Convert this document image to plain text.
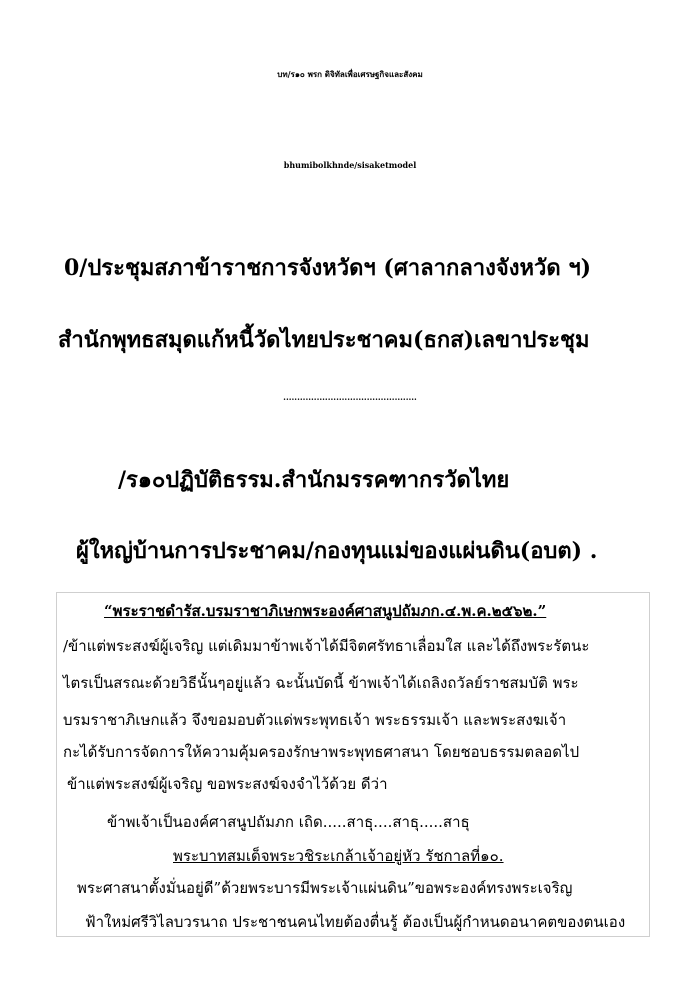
บท/ร๑๐ พรก ดิจิทัลเพื่อเศรษฐกิจและสังคม
bhumibolkhnde/sisaketmodel
0/ประชุมสภาข้าราชการจังหวัดฯ (ศาลากลางจังหวัด ฯ)
สำนักพุทธสมุดแก้หนี้วัดไทยประชาคม(ธกส)เลขาประชุม
................................................
/ร๑๐ปฏิบัติธรรม.สำนักมรรคฑากรวัดไทย
ผู้ใหญ่บ้านการประชาคม/กองทุนแม่ของแผ่นดิน(อบต) .
“พระราชดำรัส.บรมราชาภิเษกพระองค์ศาสนูปถัมภก.๔.พ.ค.๒๕๖๒.”
/ข้าแต่พระสงฆ์ผู้เจริญ แต่เดิมมาข้าพเจ้าได้มีจิตศรัทธาเลื่อมใส และได้ถึงพระรัตนะ
ไตรเป็นสรณะด้วยวิธีนั้นๆอยู่แล้ว ฉะนั้นบัดนี้ ข้าพเจ้าได้เถลิงถวัลย์ราชสมบัติ พระ
บรมราชาภิเษกแล้ว จึงขอมอบตัวแด่พระพุทธเจ้า พระธรรมเจ้า และพระสงฆเจ้า
กะได้รับการจัดการให้ความคุ้มครองรักษาพระพุทธศาสนา โดยชอบธรรมตลอดไป
ข้าแต่พระสงฆ์ผู้เจริญ ขอพระสงฆ์จงจำไว้ด้วย ดีว่า
ข้าพเจ้าเป็นองค์ศาสนูปถัมภก เถิด.....สาธุ....สาธุ.....สาธุ
พระบาทสมเด็จพระวชิระเกล้าเจ้าอยู่หัว รัชกาลที่๑๐.
พระศาสนาตั้งมั่นอยู่ดี”ด้วยพระบารมีพระเจ้าแผ่นดิน”ขอพระองค์ทรงพระเจริญ
ฟ้าใหม่ศรีวิไลบวรนาถ ประชาชนคนไทยต้องตื่นรู้ ต้องเป็นผู้กำหนดอนาคตของตนเอง
